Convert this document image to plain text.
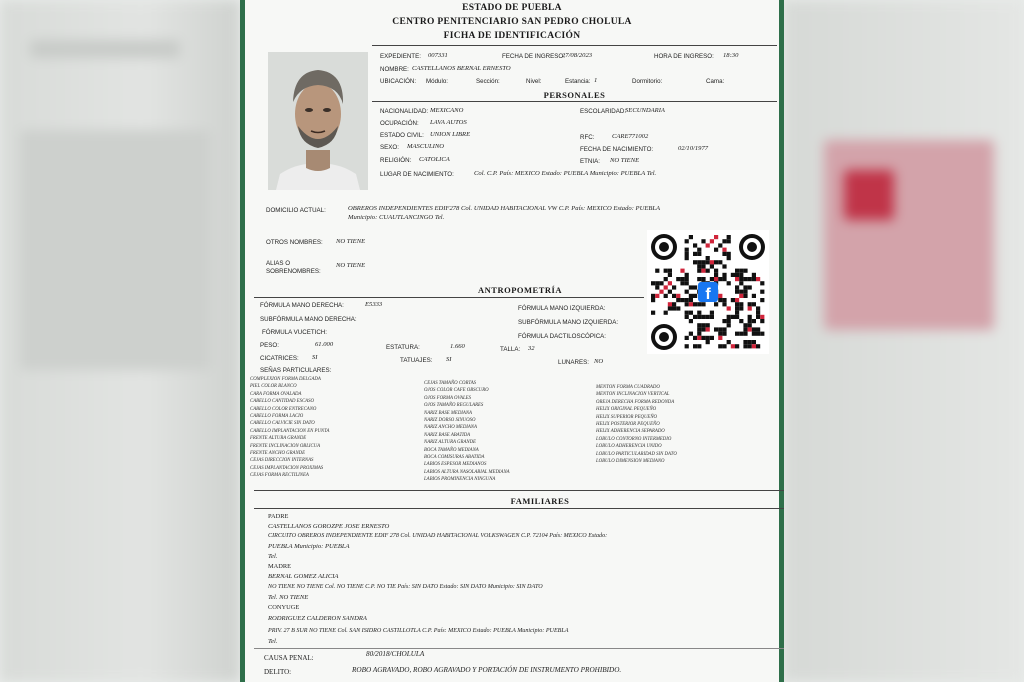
ESTADO DE PUEBLA
CENTRO PENITENCIARIO SAN PEDRO CHOLULA
FICHA DE IDENTIFICACIÓN
EXPEDIENTE: 007331	FECHA DE INGRESO:
27/08/2023	HORA DE INGRESO: 18:30
NOMBRE: CASTELLANOS BERNAL ERNESTO
UBICACIÓN: Módulo:	Sección:	Nivel:	Estancia: 1	Dormitorio:	Cama:
PERSONALES
NACIONALIDAD: MEXICANO	ESCOLARIDAD:
SECUNDARIA
OCUPACIÓN: LAVA AUTOS
ESTADO CIVIL: UNION LIBRE	RFC:	CARE771002
SEXO: MASCULINO	FECHA DE NACIMIENTO:	02/10/1977
RELIGIÓN: CATOLICA	ETNIA: NO TIENE
LUGAR DE NACIMIENTO:	Col. C.P. País: MEXICO Estado: PUEBLA Municipio: PUEBLA Tel.
DOMICILIO ACTUAL:	OBREROS INDEPENDIENTES EDIF278 Col. UNIDAD HABITACIONAL VW C.P. País: MEXICO Estado: PUEBLA
Municipio: CUAUTLANCINGO Tel.
OTROS NOMBRES: NO TIENE
ALIAS O
SOBRENOMBRES:
NO TIENE
f
ANTROPOMETRÍA
FÓRMULA MANO DERECHA:	E5333
FÓRMULA MANO IZQUIERDA:
SUBFÓRMULA MANO DERECHA:	SUBFÓRMULA MANO IZQUIERDA:
FÓRMULA VUCETICH:
FÓRMULA DACTILOSCÓPICA:
PESO:	61.000	ESTATURA:	1.660	TALLA: 32
CICATRICES: SI	TATUAJES: SI	LUNARES: NO
SEÑAS PARTICULARES:
COMPLEXION FORMA DELGADA
PIEL COLOR BLANCO
CARA FORMA OVALADA
CABELLO CANTIDAD ESCASO
CABELLO COLOR ENTRECANO
CABELLO FORMA LACIO
CABELLO CALVICIE SIN DATO
CABELLO IMPLANTACION EN PUNTA
FRENTE ALTURA GRANDE
FRENTE INCLINACION OBLICUA
FRENTE ANCHO GRANDE
CEJAS DIRECCION INTERNAS
CEJAS IMPLANTACION PROXIMAS
CEJAS FORMA RECTILINEA
CEJAS TAMAÑO CORTAS
OJOS COLOR CAFE OBSCURO
OJOS FORMA OVALES
OJOS TAMAÑO REGULARES
NARIZ BASE MEDIANA
NARIZ DORSO SINUOSO
NARIZ ANCHO MEDIANA
NARIZ BASE ABATIDA
NARIZ ALTURA GRANDE
BOCA TAMAÑO MEDIANA
BOCA COMISURAS ABATIDA
LABIOS ESPESOR MEDIANOS
LABIOS ALTURA NASOLABIAL MEDIANA
LABIOS PROMINENCIA NINGUNA
MENTON FORMA CUADRADO
MENTON INCLINACION VERTICAL
OREJA DERECHA FORMA REDONDA
HELIX ORIGINAL PEQUEÑO
HELIX SUPERIOR PEQUEÑO
HELIX POSTERIOR PEQUEÑO
HELIX ADHERENCIA SEPARADO
LOBULO CONTORNO INTERMEDIO
LOBULO ADHERENCIA UNIDO
LOBULO PARTICULARIDAD SIN DATO
LOBULO DIMENSION MEDIANO
FAMILIARES
PADRE
CASTELLANOS GOROZPE JOSE ERNESTO
CIRCUITO OBREROS INDEPENDIENTE EDIF 278 Col. UNIDAD HABITACIONAL VOLKSWAGEN C.P. 72104 País: MEXICO Estado:
PUEBLA Municipio: PUEBLA
Tel.
MADRE
BERNAL GOMEZ ALICIA
NO TIENE NO TIENE Col. NO TIENE C.P. NO TIE País: SIN DATO Estado: SIN DATO Municipio: SIN DATO
Tel. NO TIENE
CONYUGE
RODRIGUEZ CALDERON SANDRA
PRIV. 27 B SUR NO TIENE Col. SAN ISIDRO CASTILLOTLA C.P. País: MEXICO Estado: PUEBLA Municipio: PUEBLA
Tel.
CAUSA PENAL:	80/2018/CHOLULA
DELITO:	ROBO AGRAVADO, ROBO AGRAVADO Y PORTACIÓN DE INSTRUMENTO PROHIBIDO.
